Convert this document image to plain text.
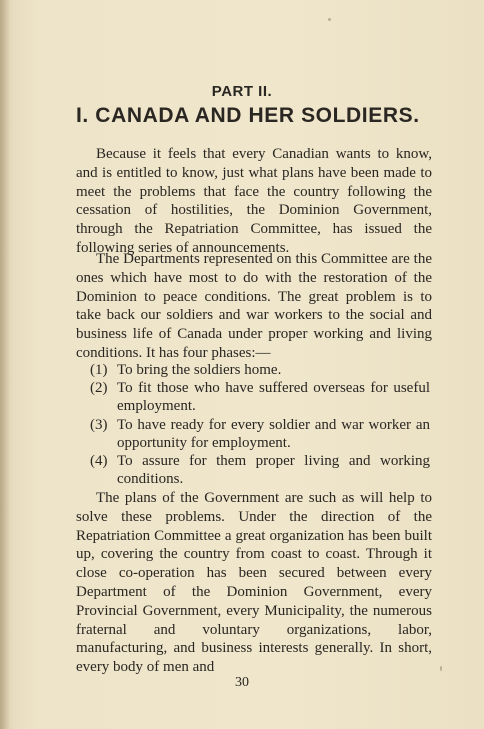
PART II.
I. CANADA AND HER SOLDIERS.

Because it feels that every Canadian wants to know, and is entitled to know, just what plans have been made to meet the problems that face the country following the cessation of hostilities, the Dominion Government, through the Repatriation Committee, has issued the following series of announcements.

The Departments represented on this Committee are the ones which have most to do with the restoration of the Dominion to peace conditions. The great problem is to take back our soldiers and war workers to the social and business life of Canada under proper working and living conditions. It has four phases:—

(1) To bring the soldiers home.
(2) To fit those who have suffered overseas for useful employment.
(3) To have ready for every soldier and war worker an opportunity for employment.
(4) To assure for them proper living and working conditions.

The plans of the Government are such as will help to solve these problems. Under the direction of the Repatriation Committee a great organization has been built up, covering the country from coast to coast. Through it close co-operation has been secured between every Department of the Dominion Government, every Provincial Government, every Municipality, the numerous fraternal and voluntary organizations, labor, manufacturing, and business interests generally. In short, every body of men and

30
